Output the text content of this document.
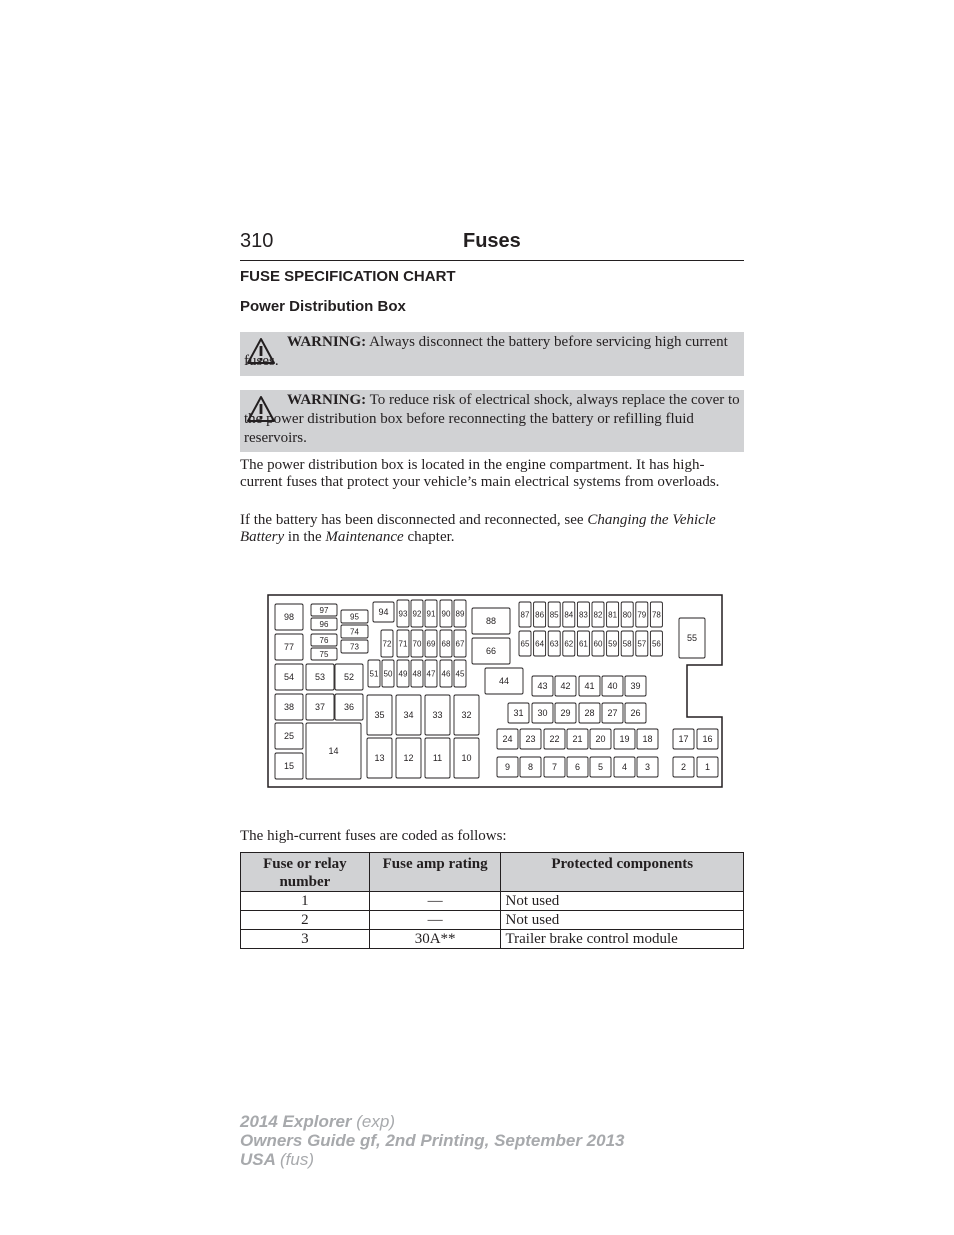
310	Fuses
FUSE SPECIFICATION CHART
Power Distribution Box

WARNING: Always disconnect the battery before servicing high current fuses.

WARNING: To reduce risk of electrical shock, always replace the cover to the power distribution box before reconnecting the battery or refilling fluid reservoirs.

The power distribution box is located in the engine compartment. It has high-current fuses that protect your vehicle’s main electrical systems from overloads.

If the battery has been disconnected and reconnected, see Changing the Vehicle Battery in the Maintenance chapter.

1
2
3
4
5
6
7
8
9
10
11
12
13
14
15
16
17
18
19
20
21
22
23
24
25
26
27
28
29
30
31
32
33
34
35
36
37
38
39
40
41
42
43
44
45
46
47
48
49
50
51
52
53
54
55
56
57
58
59
60
61
62
63
64
65
66
67
68
69
70
71
72
73
74
75
76
77
78
79
80
81
82
83
84
85
86
87
88
89
90
91
92
93
94
95
96
97
98

The high-current fuses are coded as follows:

Fuse or relay number	Fuse amp rating	Protected components
1	—	Not used
2	—	Not used
3	30A**	Trailer brake control module
2014 Explorer (exp)
Owners Guide gf, 2nd Printing, September 2013
USA (fus)
